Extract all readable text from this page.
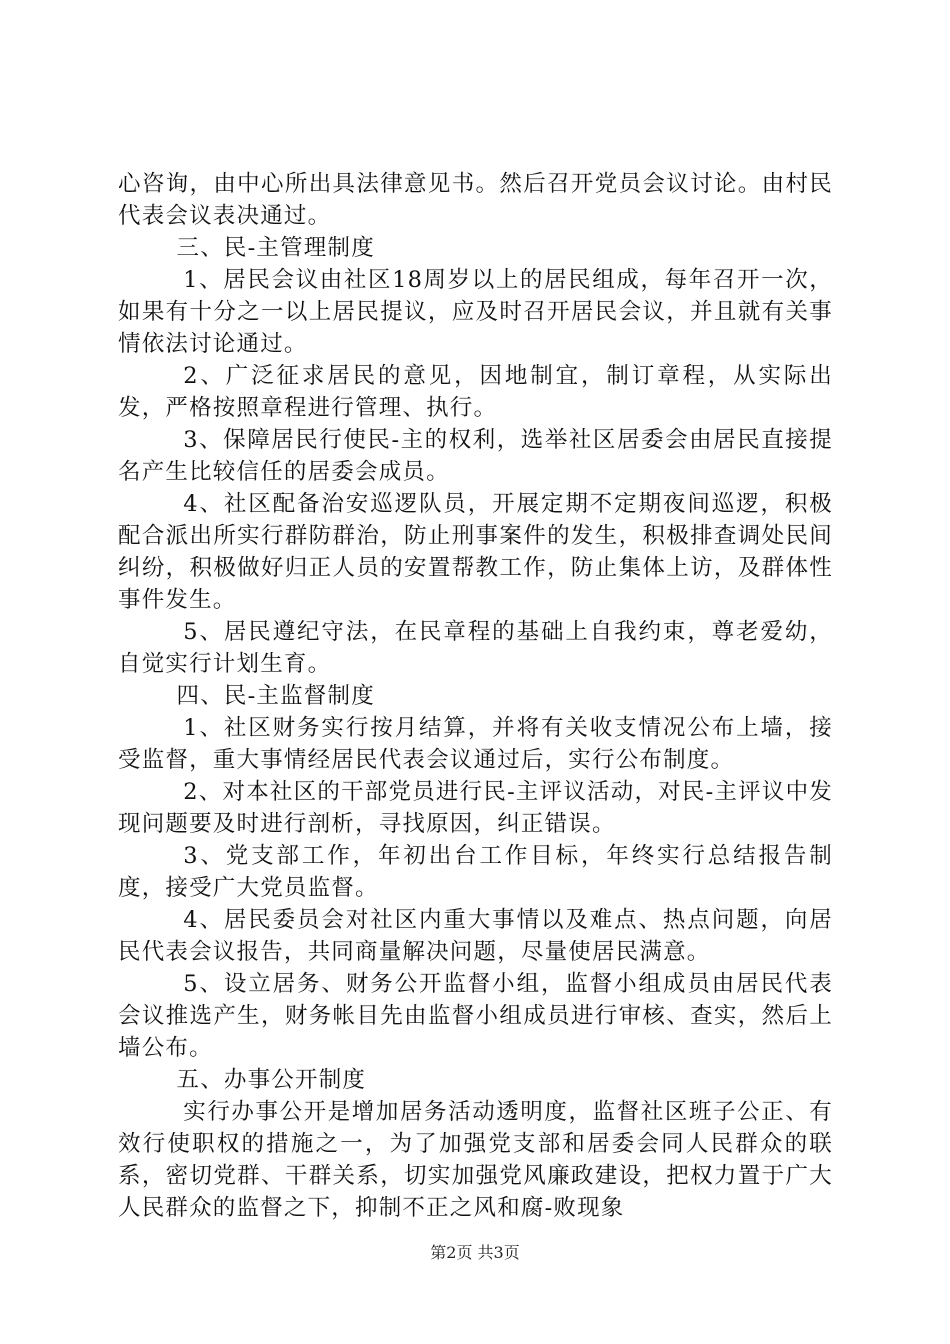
心咨询，由中心所出具法律意见书。然后召开党员会议讨论。由村民代表会议表决通过。

三、民-主管理制度

1、居民会议由社区18周岁以上的居民组成，每年召开一次，如果有十分之一以上居民提议，应及时召开居民会议，并且就有关事情依法讨论通过。

2、广泛征求居民的意见，因地制宜，制订章程，从实际出发，严格按照章程进行管理、执行。

3、保障居民行使民-主的权利，选举社区居委会由居民直接提名产生比较信任的居委会成员。

4、社区配备治安巡逻队员，开展定期不定期夜间巡逻，积极配合派出所实行群防群治，防止刑事案件的发生，积极排查调处民间纠纷，积极做好归正人员的安置帮教工作，防止集体上访，及群体性事件发生。

5、居民遵纪守法，在民章程的基础上自我约束，尊老爱幼，自觉实行计划生育。

四、民-主监督制度

1、社区财务实行按月结算，并将有关收支情况公布上墙，接受监督，重大事情经居民代表会议通过后，实行公布制度。

2、对本社区的干部党员进行民-主评议活动，对民-主评议中发现问题要及时进行剖析，寻找原因，纠正错误。

3、党支部工作，年初出台工作目标，年终实行总结报告制度，接受广大党员监督。

4、居民委员会对社区内重大事情以及难点、热点问题，向居民代表会议报告，共同商量解决问题，尽量使居民满意。

5、设立居务、财务公开监督小组，监督小组成员由居民代表会议推选产生，财务帐目先由监督小组成员进行审核、查实，然后上墙公布。

五、办事公开制度

实行办事公开是增加居务活动透明度，监督社区班子公正、有效行使职权的措施之一，为了加强党支部和居委会同人民群众的联系，密切党群、干群关系，切实加强党风廉政建设，把权力置于广大人民群众的监督之下，抑制不正之风和腐-败现象

第2页 共3页
